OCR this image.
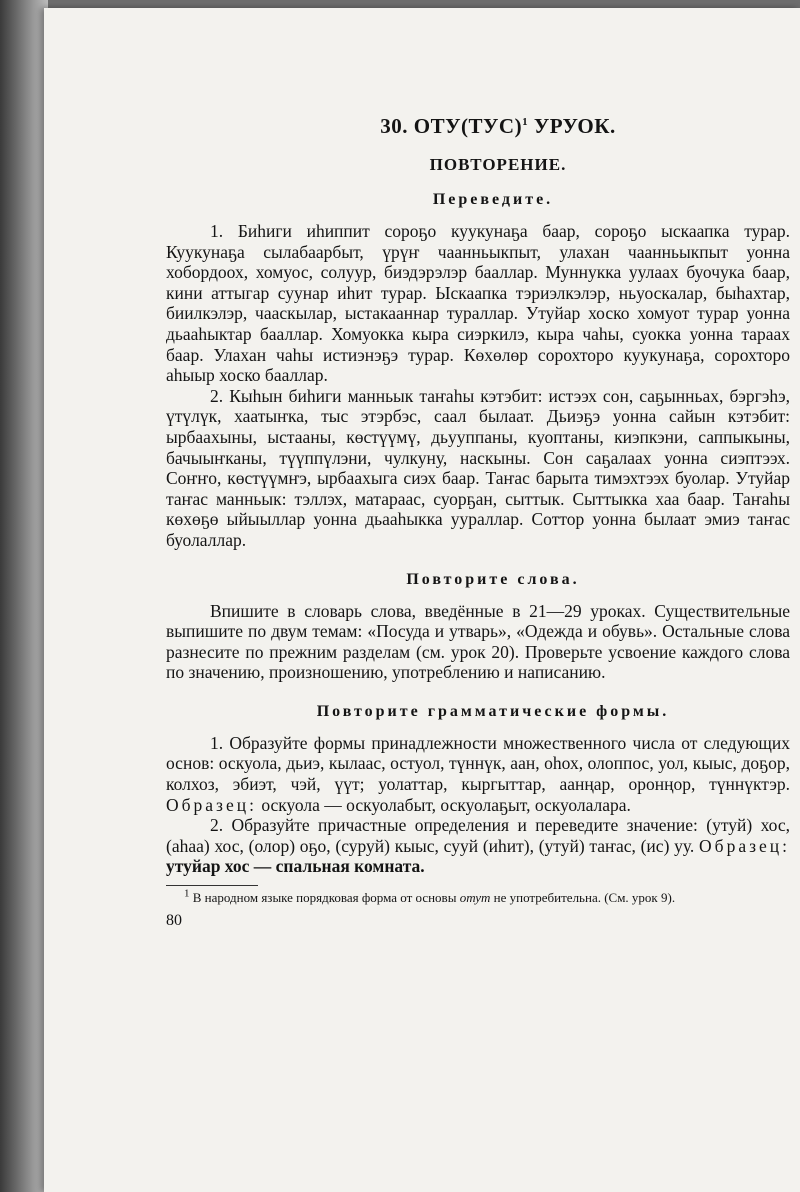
30. ОТУ(ТУС)$^1$ УРУОК.
ПОВТОРЕНИЕ.
Переведите.

1. Биһиги иһиппит сороҕо куукунаҕа баар, сороҕо ыскаапка турар. Куукунаҕа сылабаарбыт, үрүҥ чаанньыкпыт, улахан чаанньыкпыт уонна хобордоох, хомуос, солуур, биэдэрэлэр бааллар. Муннукка уулаах буочука баар, кини аттыгар суунар иһит турар. Ыскаапка тэриэлкэлэр, ньуоскалар, быһахтар, биилкэлэр, чааскылар, ыстакааннар тураллар. Утуйар хоско хомуот турар уонна дьааһыктар бааллар. Хомуокка кыра сиэркилэ, кыра чаһы, суокка уонна тараах баар. Улахан чаһы истиэнэҕэ турар. Көхөлөр сорохторо куукунаҕа, сорохторо аһыыр хоско бааллар.

2. Кыһын биһиги манньык таҥаһы кэтэбит: истээх сон, саҕынньах, бэргэһэ, үтүлүк, хаатыҥка, тыс этэрбэс, саал былаат. Дьиэҕэ уонна сайын кэтэбит: ырбаахыны, ыстааны, көстүүмү, дьууппаны, куоптаны, киэпкэни, саппыкыны, бачыыҥканы, түүппүлэни, чулкуну, наскыны. Сон саҕалаах уонна сиэптээх. Соҥҥо, көстүүмҥэ, ырбаахыга сиэх баар. Таҥас барыта тимэхтээх буолар. Утуйар таҥас манньык: тэллэх, матараас, суорҕан, сыттык. Сыттыкка хаа баар. Таҥаһы көхөҕө ыйыыллар уонна дьааһыкка уураллар. Соттор уонна былаат эмиэ таҥас буолаллар.

Повторите слова.

Впишите в словарь слова, введённые в 21—29 уроках. Существительные выпишите по двум темам: «Посуда и утварь», «Одежда и обувь». Остальные слова разнесите по прежним разделам (см. урок 20). Проверьте усвоение каждого слова по значению, произношению, употреблению и написанию.

Повторите грамматические формы.

1. Образуйте формы принадлежности множественного числа от следующих основ: оскуола, дьиэ, кылаас, остуол, түннүк, аан, оһох, олоппос, уол, кыыс, доҕор, колхоз, эбиэт, чэй, үүт; уолаттар, кыргыттар, аанңар, оронңор, түннүктэр. Образец: оскуола — оскуолабыт, оскуолаҕыт, оскуолалара.

2. Образуйте причастные определения и переведите значение: (утуй) хос, (аһаа) хос, (олор) оҕо, (суруй) кыыс, сууй (иһит), (утуй) таҥас, (ис) уу. Образец: утуйар хос — спальная комната.

$^1$ В народном языке порядковая форма от основы отут не употребительна. (См. урок 9).

80
